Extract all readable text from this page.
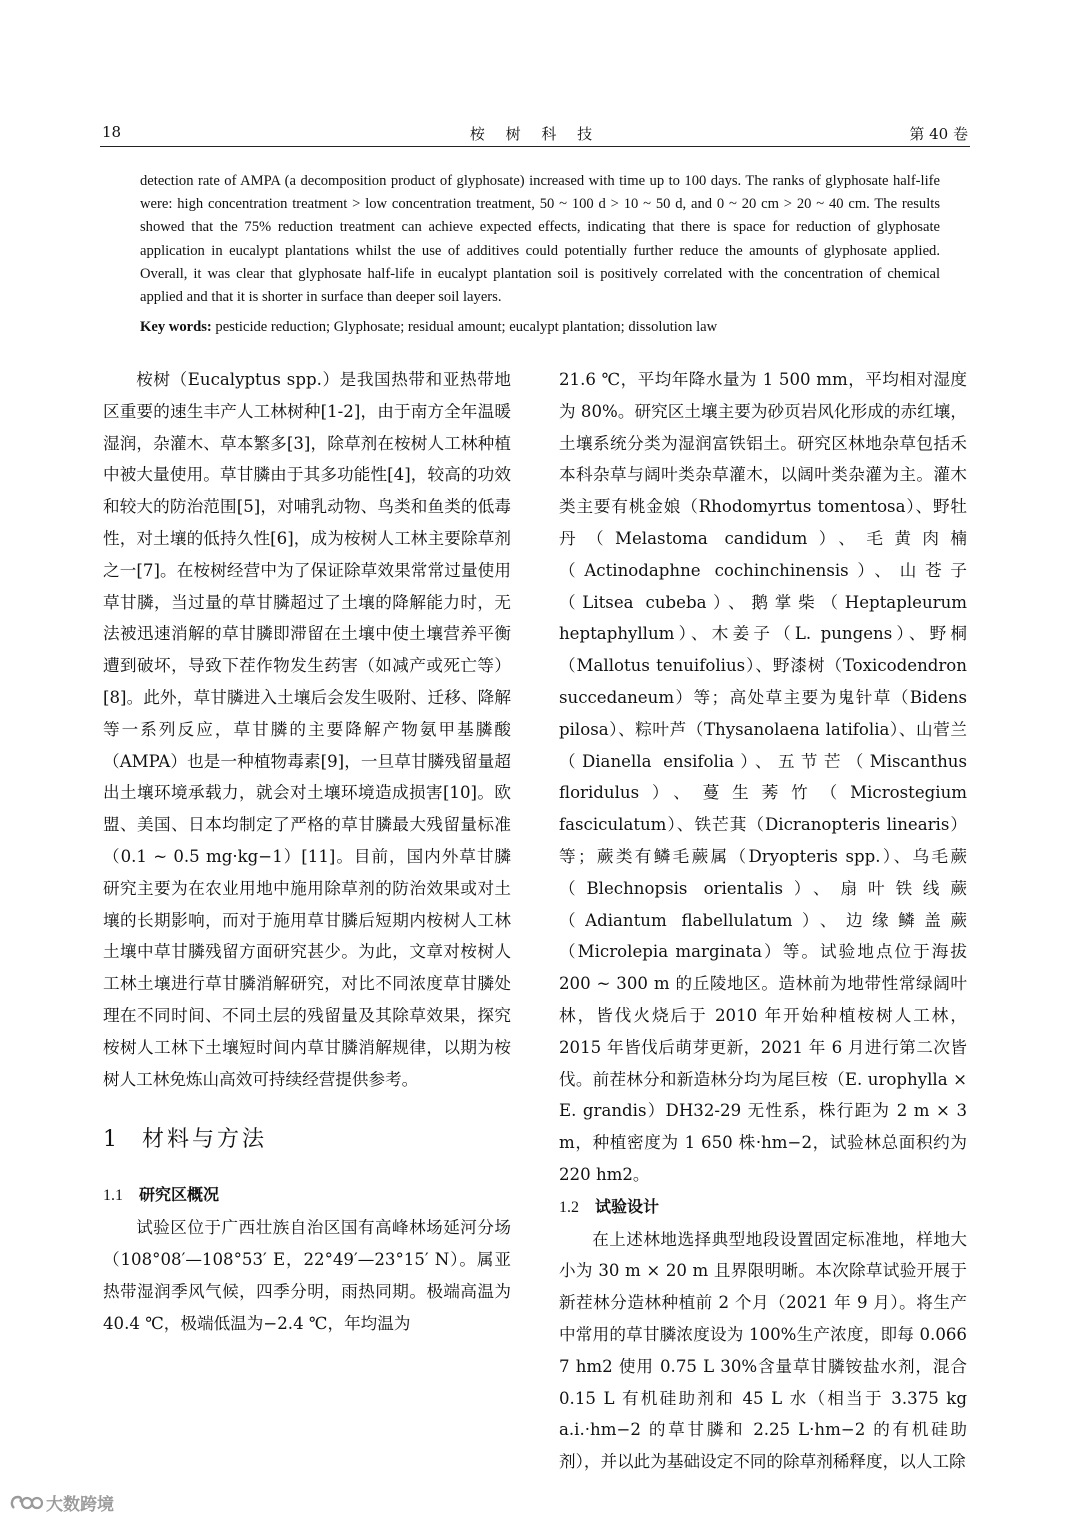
18	桉 树 科 技	第 40 卷

detection rate of AMPA (a decomposition product of glyphosate) increased with time up to 100 days. The ranks of glyphosate half-life were: high concentration treatment > low concentration treatment, 50 ~ 100 d > 10 ~ 50 d, and 0 ~ 20 cm > 20 ~ 40 cm. The results showed that the 75% reduction treatment can achieve expected effects, indicating that there is space for reduction of glyphosate application in eucalypt plantations whilst the use of additives could potentially further reduce the amounts of glyphosate applied. Overall, it was clear that glyphosate half-life in eucalypt plantation soil is positively correlated with the concentration of chemical applied and that it is shorter in surface than deeper soil layers.

Key words: pesticide reduction; Glyphosate; residual amount; eucalypt plantation; dissolution law

桉树（Eucalyptus spp.）是我国热带和亚热带地区重要的速生丰产人工林树种[1-2]，由于南方全年温暖湿润，杂灌木、草本繁多[3]，除草剂在桉树人工林种植中被大量使用。草甘膦由于其多功能性[4]，较高的功效和较大的防治范围[5]，对哺乳动物、鸟类和鱼类的低毒性，对土壤的低持久性[6]，成为桉树人工林主要除草剂之一[7]。在桉树经营中为了保证除草效果常常过量使用草甘膦，当过量的草甘膦超过了土壤的降解能力时，无法被迅速消解的草甘膦即滞留在土壤中使土壤营养平衡遭到破坏，导致下茬作物发生药害（如减产或死亡等）[8]。此外，草甘膦进入土壤后会发生吸附、迁移、降解等一系列反应，草甘膦的主要降解产物氨甲基膦酸（AMPA）也是一种植物毒素[9]，一旦草甘膦残留量超出土壤环境承载力，就会对土壤环境造成损害[10]。欧盟、美国、日本均制定了严格的草甘膦最大残留量标准（0.1 ~ 0.5 mg·kg−1）[11]。目前，国内外草甘膦研究主要为在农业用地中施用除草剂的防治效果或对土壤的长期影响，而对于施用草甘膦后短期内桉树人工林土壤中草甘膦残留方面研究甚少。为此，文章对桉树人工林土壤进行草甘膦消解研究，对比不同浓度草甘膦处理在不同时间、不同土层的残留量及其除草效果，探究桉树人工林下土壤短时间内草甘膦消解规律，以期为桉树人工林免炼山高效可持续经营提供参考。

1 材料与方法

1.1 研究区概况

试验区位于广西壮族自治区国有高峰林场延河分场（108°08′—108°53′ E，22°49′—23°15′ N）。属亚热带湿润季风气候，四季分明，雨热同期。极端高温为 40.4 ℃，极端低温为−2.4 ℃，年均温为

21.6 ℃，平均年降水量为 1 500 mm，平均相对湿度为 80%。研究区土壤主要为砂页岩风化形成的赤红壤，土壤系统分类为湿润富铁铝土。研究区林地杂草包括禾本科杂草与阔叶类杂草灌木，以阔叶类杂灌为主。灌木类主要有桃金娘（Rhodomyrtus tomentosa）、野牡丹（Melastoma candidum）、毛黄肉楠（Actinodaphne cochinchinensis）、山苍子（Litsea cubeba）、鹅掌柴（Heptapleurum heptaphyllum）、木姜子（L. pungens）、野桐（Mallotus tenuifolius）、野漆树（Toxicodendron succedaneum）等；高处草主要为鬼针草（Bidens pilosa）、粽叶芦（Thysanolaena latifolia）、山菅兰（Dianella ensifolia）、五节芒（Miscanthus floridulus）、蔓生莠竹（Microstegium fasciculatum）、铁芒萁（Dicranopteris linearis）等；蕨类有鳞毛蕨属（Dryopteris spp.）、乌毛蕨（Blechnopsis orientalis）、扇叶铁线蕨（Adiantum flabellulatum）、边缘鳞盖蕨（Microlepia marginata）等。试验地点位于海拔 200 ~ 300 m 的丘陵地区。造林前为地带性常绿阔叶林，皆伐火烧后于 2010 年开始种植桉树人工林，2015 年皆伐后萌芽更新，2021 年 6 月进行第二次皆伐。前茬林分和新造林分均为尾巨桉（E. urophylla × E. grandis）DH32-29 无性系，株行距为 2 m × 3 m，种植密度为 1 650 株·hm−2，试验林总面积约为 220 hm2。

1.2 试验设计

在上述林地选择典型地段设置固定标准地，样地大小为 30 m × 20 m 且界限明晰。本次除草试验开展于新茬林分造林种植前 2 个月（2021 年 9 月）。将生产中常用的草甘膦浓度设为 100%生产浓度，即每 0.066 7 hm2 使用 0.75 L 30%含量草甘膦铵盐水剂，混合 0.15 L 有机硅助剂和 45 L 水（相当于 3.375 kg a.i.·hm−2 的草甘膦和 2.25 L·hm−2 的有机硅助剂），并以此为基础设定不同的除草剂稀释度，以人工除

大数跨境
